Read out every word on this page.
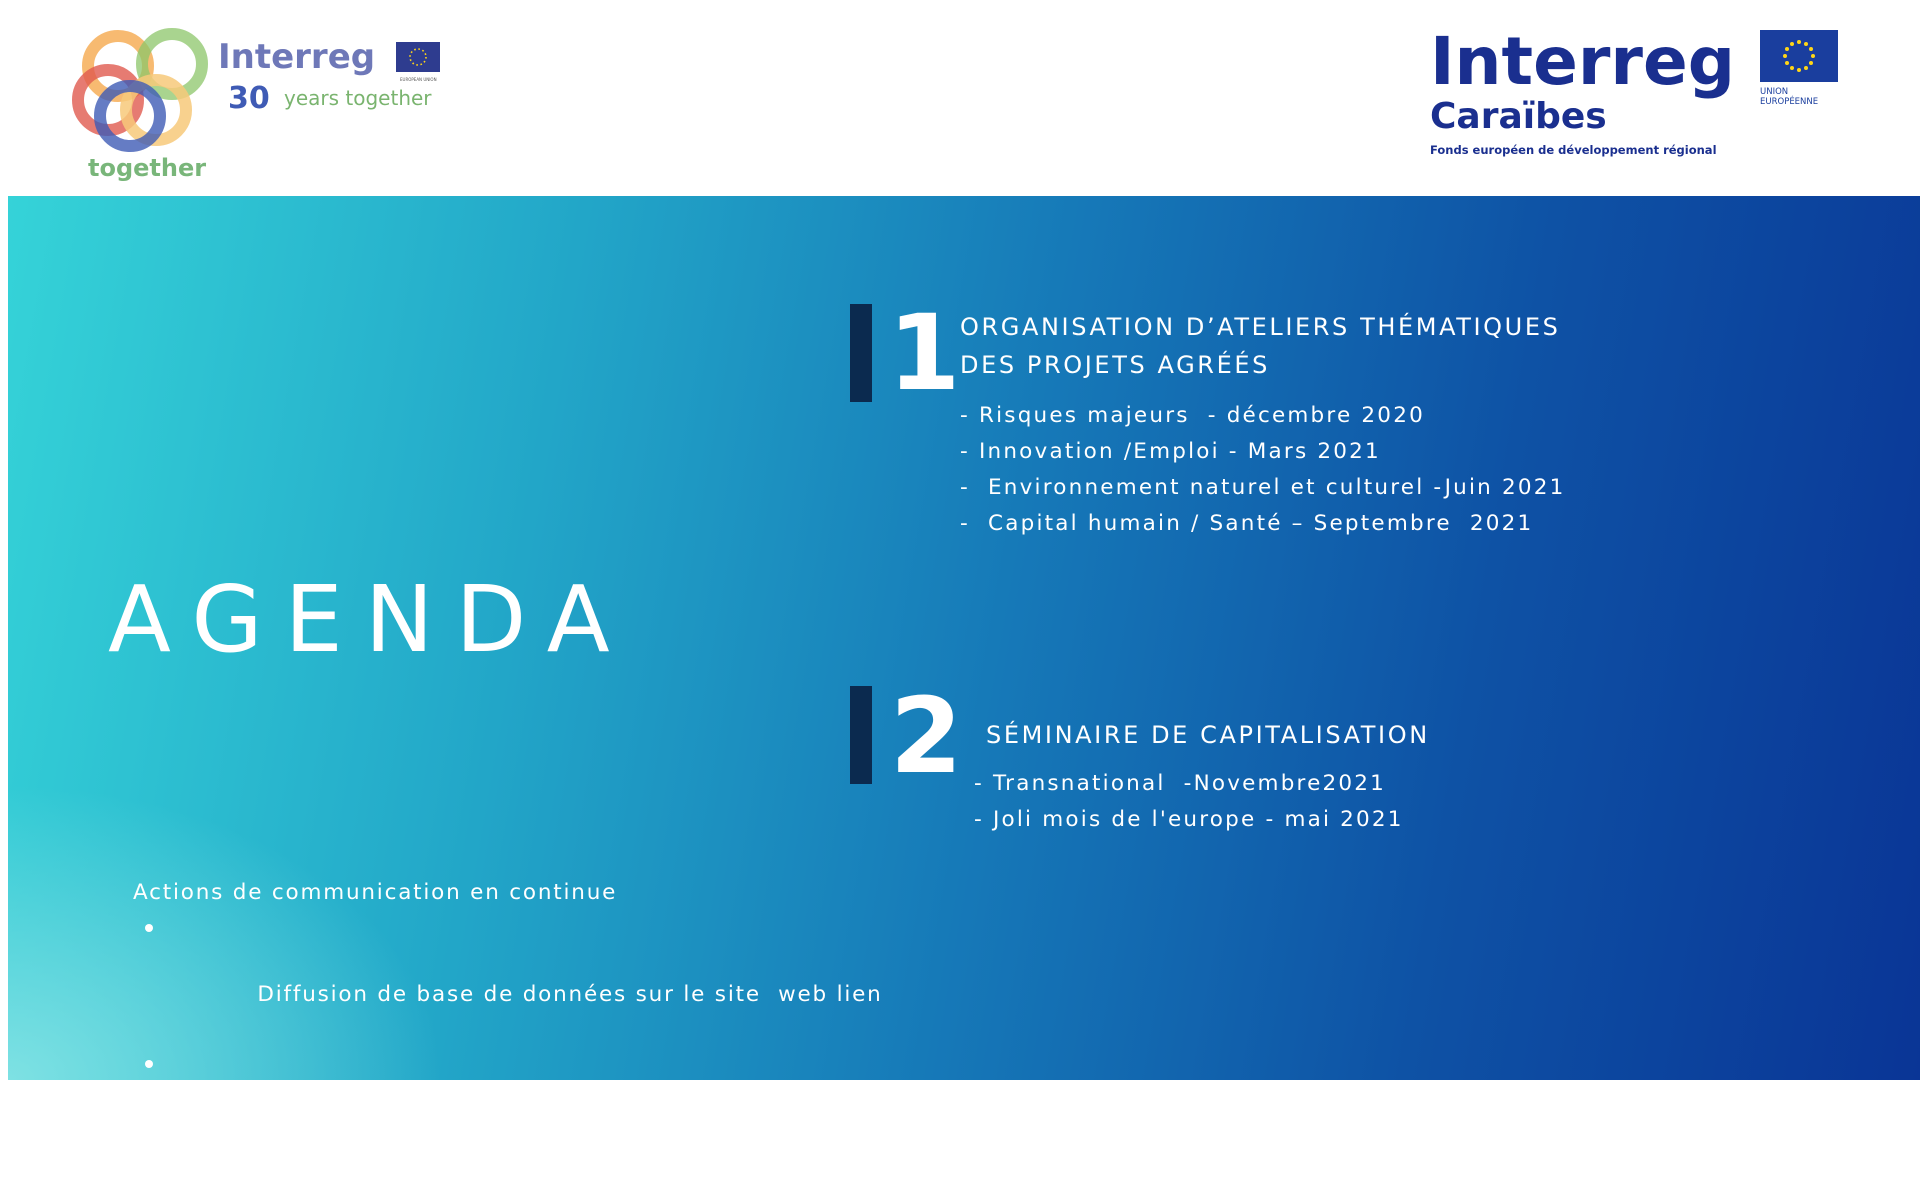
together
Interreg
EUROPEAN UNION
30 years together	Interreg
Caraïbes
Fonds européen de développement régional
UNION
EUROPÉENNE
AGENDA
1 ORGANISATION D’ATELIERS THÉMATIQUES
DES PROJETS AGRÉÉS
- Risques majeurs  - décembre 2020
- Innovation /Emploi - Mars 2021
-  Environnement naturel et culturel -Juin 2021
-  Capital humain / Santé – Septembre  2021
2 SÉMINAIRE DE CAPITALISATION
- Transnational  -Novembre2021
- Joli mois de l'europe - mai 2021
Actions de communication en continue

Diffusion de base de données sur le site  web lien

Brochure  dédiée , vidéos  sur les réalisations des projets
